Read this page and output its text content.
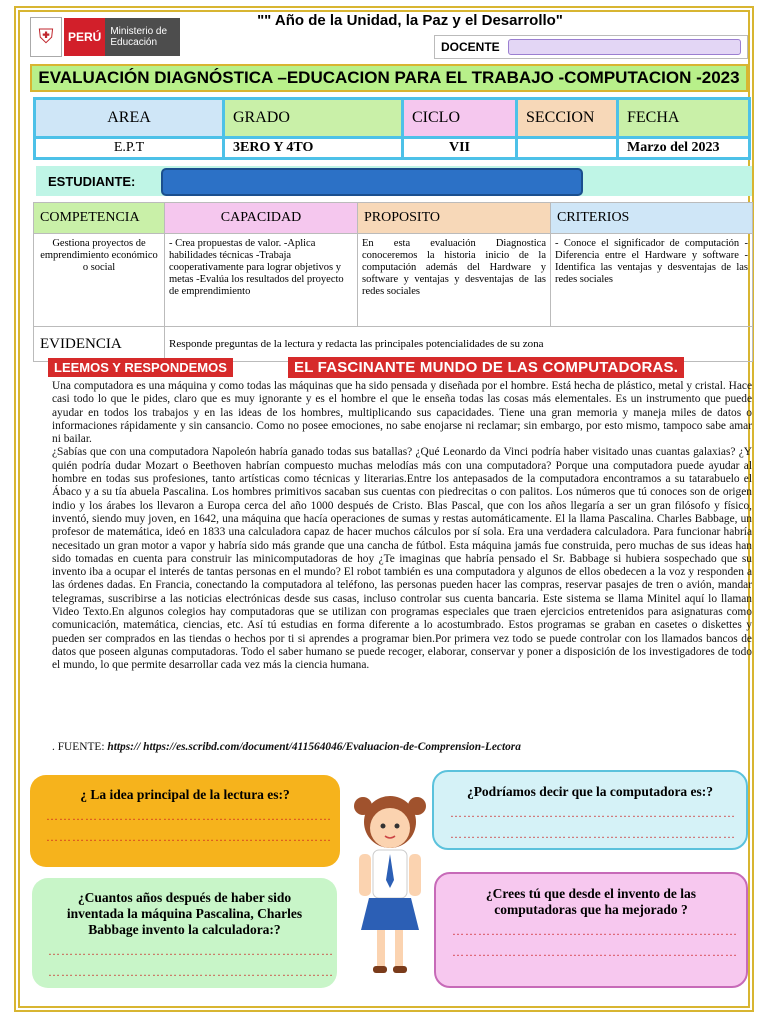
⛨	PERÚ Ministerio de Educación
"" Año de la Unidad, la Paz y el Desarrollo"
DOCENTE
EVALUACIÓN DIAGNÓSTICA –EDUCACION PARA EL TRABAJO -COMPUTACION -2023
AREA	GRADO	CICLO	SECCION	FECHA
E.P.T	3ERO Y 4TO	VII		Marzo del 2023
ESTUDIANTE:
COMPETENCIA	CAPACIDAD	PROPOSITO	CRITERIOS
Gestiona proyectos de emprendimiento económico o social	- Crea propuestas de valor. -Aplica habilidades técnicas -Trabaja cooperativamente para lograr objetivos y metas -Evalúa los resultados del proyecto de emprendimiento	En esta evaluación Diagnostica conoceremos la historia inicio de la computación además del Hardware y software y ventajas y desventajas de las redes sociales	- Conoce el significador de computación - Diferencia entre el Hardware y software -Identifica las ventajas y desventajas de las redes sociales
EVIDENCIA	Responde preguntas de la lectura y redacta las principales potencialidades de su zona		
LEEMOS Y RESPONDEMOS	EL FASCINANTE MUNDO DE LAS COMPUTADORAS.

Una computadora es una máquina y como todas las máquinas que ha sido pensada y diseñada por el hombre. Está hecha de plástico, metal y cristal. Hace casi todo lo que le pides, claro que es muy ignorante y es el hombre el que le enseña todas las cosas más elementales. Es un instrumento que puede ayudar en todos los trabajos y en las ideas de los hombres, multiplicando sus capacidades. Tiene una gran memoria y maneja miles de datos o informaciones rápidamente y sin cansancio. Como no posee emociones, no sabe enojarse ni reclamar; sin embargo, por esto mismo, tampoco sabe amar ni bailar.

¿Sabías que con una computadora Napoleón habría ganado todas sus batallas? ¿Qué Leonardo da Vinci podría haber visitado unas cuantas galaxias? ¿Y quién podría dudar Mozart o Beethoven habrían compuesto muchas melodías más con una computadora? Porque una computadora puede ayudar al hombre en todas sus profesiones, tanto artísticas como técnicas y literarias.Entre los antepasados de la computadora encontramos a su tatarabuelo el Ábaco y a su tía abuela Pascalina. Los hombres primitivos sacaban sus cuentas con piedrecitas o con palitos. Los números que tú conoces son de origen indio y los árabes los llevaron a Europa cerca del año 1000 después de Cristo. Blas Pascal, que con los años llegaría a ser un gran filósofo y físico, inventó, siendo muy joven, en 1642, una máquina que hacía operaciones de sumas y restas automáticamente. El la llama Pascalina. Charles Babbage, un profesor de matemática, ideó en 1833 una calculadora capaz de hacer muchos cálculos por sí sola. Era una verdadera calculadora. Para funcionar habría necesitado un gran motor a vapor y habría sido más grande que una cancha de fútbol. Esta máquina jamás fue construida, pero muchas de sus ideas han sido tomadas en cuenta para construir las minicomputadoras de hoy ¿Te imaginas que habría pensado el Sr. Babbage si hubiera sospechado que su invento iba a ocupar el interés de tantas personas en el mundo? El robot también es una computadora y algunos de ellos obedecen a la voz y responden a las órdenes dadas. En Francia, conectando la computadora al teléfono, las personas pueden hacer las compras, reservar pasajes de tren o avión, mandar telegramas, suscribirse a las noticias electrónicas desde sus casas, incluso controlar sus cuenta bancaria. Este sistema se llama Minitel aquí lo llaman Video Texto.En algunos colegios hay computadoras que se utilizan con programas especiales que traen ejercicios entretenidos para asignaturas como comunicación, matemática, ciencias, etc. Así tú estudias en forma diferente a lo acostumbrado. Estos programas se graban en casetes o diskettes y pueden ser comprados en las tiendas o hechos por ti si aprendes a programar bien.Por primera vez todo se puede controlar con los llamados bancos de datos que poseen algunas computadoras. Todo el saber humano se puede recoger, elaborar, conservar y poner a disposición de los investigadores de todo el mundo, lo que permite desarrollar cada vez más la ciencia humana.

. FUENTE: https:// https://es.scribd.com/document/411564046/Evaluacion-de-Comprension-Lectora
¿ La idea principal de la lectura es:?
…………………………………………………………
…………………………………………………………
¿Podríamos decir que la computadora es:?
…………………………………………………………
…………………………………………………………
¿Cuantos años después de haber sido inventada la máquina Pascalina, Charles Babbage invento la calculadora:?
…………………………………………………………
…………………………………………………………
¿Crees tú que desde el invento de las computadoras que ha mejorado ?
…………………………………………………………
…………………………………………………………
